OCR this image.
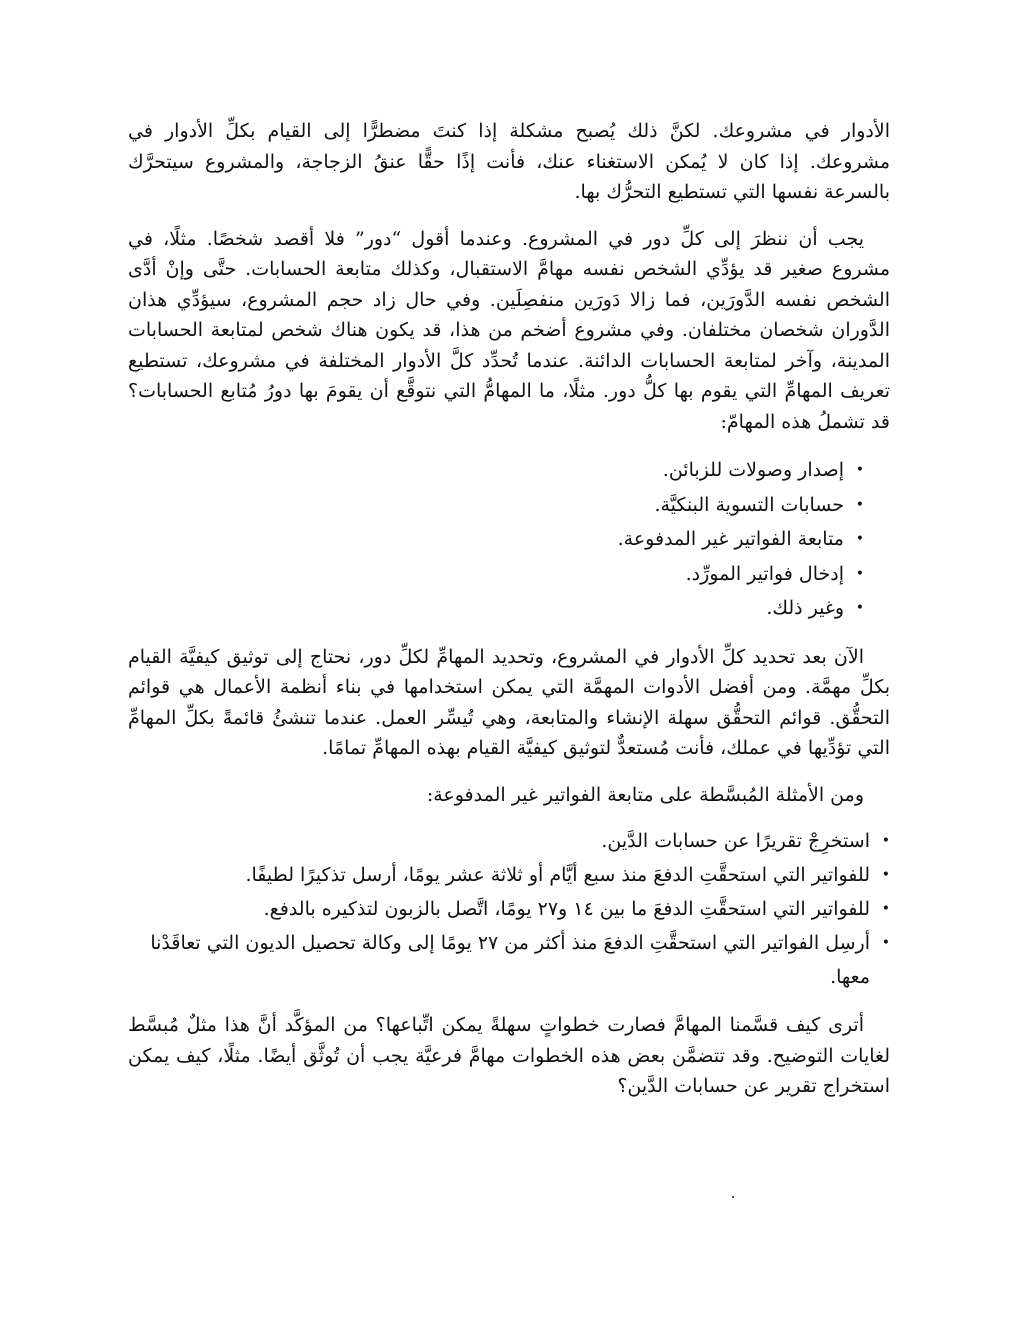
الأدوار في مشروعك. لكنَّ ذلك يُصبح مشكلة إذا كنتَ مضطرًّا إلى القيام بكلِّ الأدوار في مشروعك. إذا كان لا يُمكن الاستغناء عنك، فأنت إذًا حقًّا عنقُ الزجاجة، والمشروع سيتحرَّك بالسرعة نفسها التي تستطيع التحرُّك بها.

يجب أن ننظرَ إلى كلِّ دور في المشروع. وعندما أقول “دور” فلا أقصد شخصًا. مثلًا، في مشروع صغير قد يؤدِّي الشخص نفسه مهامَّ الاستقبال، وكذلك متابعة الحسابات. حتَّى وإنْ أدَّى الشخص نفسه الدَّورَين، فما زالا دَورَين منفصِلَين. وفي حال زاد حجم المشروع، سيؤدِّي هذان الدَّوران شخصان مختلفان. وفي مشروع أضخم من هذا، قد يكون هناك شخص لمتابعة الحسابات المدينة، وآخر لمتابعة الحسابات الدائنة. عندما تُحدِّد كلَّ الأدوار المختلفة في مشروعك، تستطيع تعريف المهامِّ التي يقوم بها كلُّ دور. مثلًا، ما المهامُّ التي نتوقَّع أن يقومَ بها دورُ مُتابع الحسابات؟ قد تشملُ هذه المهامّ:

•
إصدار وصولات للزبائن.
•
حسابات التسوية البنكيَّة.
•
متابعة الفواتير غير المدفوعة.
•
إدخال فواتير المورِّد.
•
وغير ذلك.

الآن بعد تحديد كلِّ الأدوار في المشروع، وتحديد المهامِّ لكلِّ دور، نحتاج إلى توثيق كيفيَّة القيام بكلِّ مهمَّة. ومن أفضل الأدوات المهمَّة التي يمكن استخدامها في بناء أنظمة الأعمال هي قوائم التحقُّق. قوائم التحقُّق سهلة الإنشاء والمتابعة، وهي تُيسِّر العمل. عندما تنشئُ قائمةً بكلِّ المهامِّ التي تؤدِّيها في عملك، فأنت مُستعدٌّ لتوثيق كيفيَّة القيام بهذه المهامِّ تمامًا.

ومن الأمثلة المُبسَّطة على متابعة الفواتير غير المدفوعة:

•
استخرِجْ تقريرًا عن حسابات الدَّين.
•
للفواتير التي استحقَّتِ الدفعَ منذ سبع أيَّام أو ثلاثة عشر يومًا، أرسل تذكيرًا لطيفًا.
•
للفواتير التي استحقَّتِ الدفعَ ما بين ١٤ و٢٧ يومًا، اتَّصل بالزبون لتذكيره بالدفع.
•
أرسِل الفواتير التي استحقَّتِ الدفعَ منذ أكثر من ٢٧ يومًا إلى وكالة تحصيل الديون التي تعاقَدْنا معها.

أترى كيف قسَّمنا المهامَّ فصارت خطواتٍ سهلةً يمكن اتِّباعها؟ من المؤكَّد أنَّ هذا مثلٌ مُبسَّط لغايات التوضيح. وقد تتضمَّن بعض هذه الخطوات مهامَّ فرعيَّة يجب أن تُوثَّق أيضًا. مثلًا، كيف يمكن استخراج تقرير عن حسابات الدَّين؟
